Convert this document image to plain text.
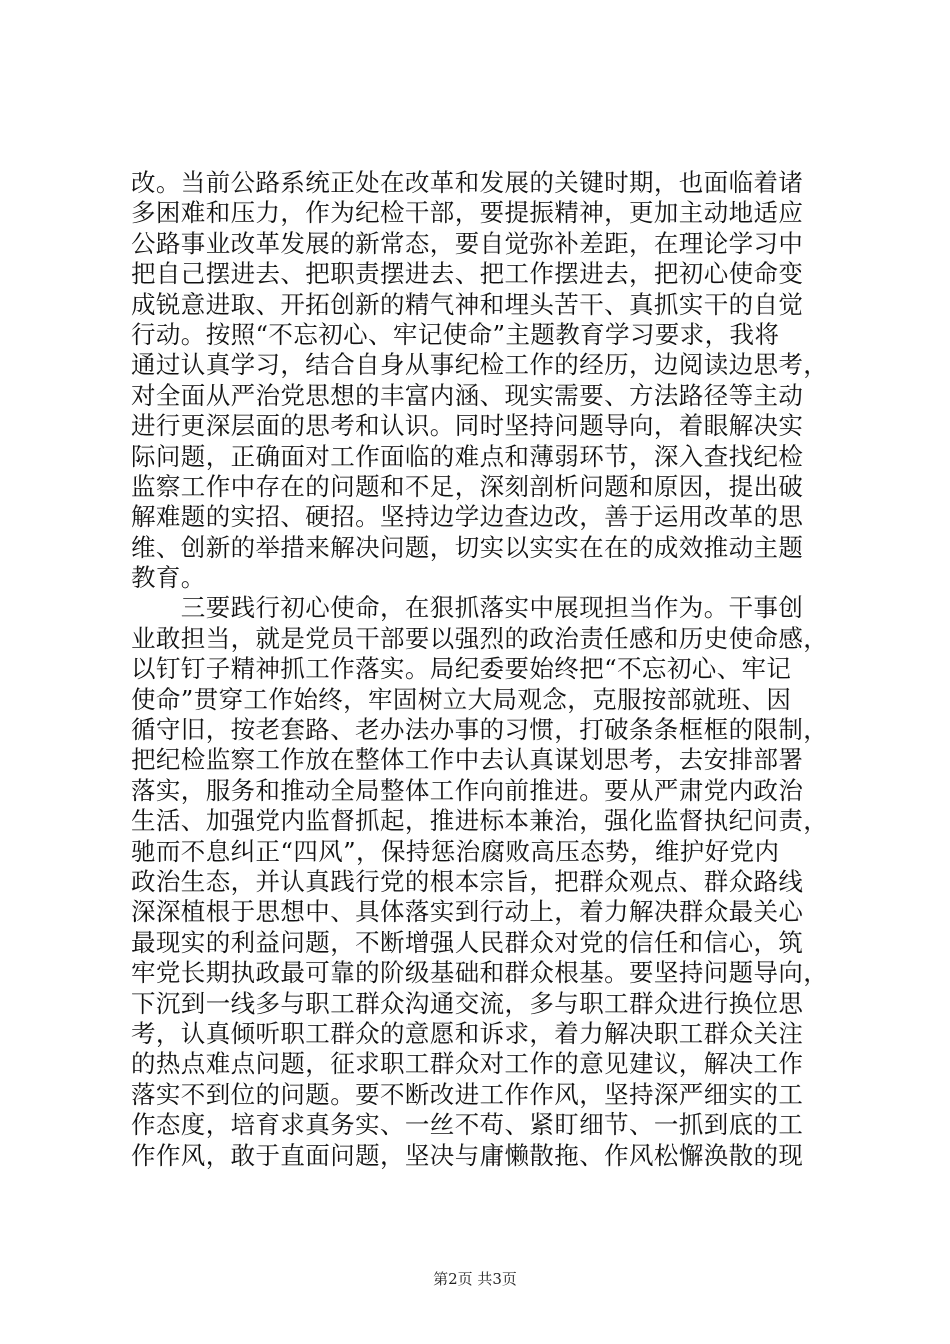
改。当前公路系统正处在改革和发展的关键时期，也面临着诸
多困难和压力，作为纪检干部，要提振精神，更加主动地适应
公路事业改革发展的新常态，要自觉弥补差距，在理论学习中
把自己摆进去、把职责摆进去、把工作摆进去，把初心使命变
成锐意进取、开拓创新的精气神和埋头苦干、真抓实干的自觉
行动。按照“不忘初心、牢记使命”主题教育学习要求，我将
通过认真学习，结合自身从事纪检工作的经历，边阅读边思考，
对全面从严治党思想的丰富内涵、现实需要、方法路径等主动
进行更深层面的思考和认识。同时坚持问题导向，着眼解决实
际问题，正确面对工作面临的难点和薄弱环节，深入查找纪检
监察工作中存在的问题和不足，深刻剖析问题和原因，提出破
解难题的实招、硬招。坚持边学边查边改，善于运用改革的思
维、创新的举措来解决问题，切实以实实在在的成效推动主题
教育。
　　三要践行初心使命，在狠抓落实中展现担当作为。干事创
业敢担当，就是党员干部要以强烈的政治责任感和历史使命感，
以钉钉子精神抓工作落实。局纪委要始终把“不忘初心、牢记
使命”贯穿工作始终，牢固树立大局观念，克服按部就班、因
循守旧，按老套路、老办法办事的习惯，打破条条框框的限制，
把纪检监察工作放在整体工作中去认真谋划思考，去安排部署
落实，服务和推动全局整体工作向前推进。要从严肃党内政治
生活、加强党内监督抓起，推进标本兼治，强化监督执纪问责，
驰而不息纠正“四风”，保持惩治腐败高压态势，维护好党内
政治生态，并认真践行党的根本宗旨，把群众观点、群众路线
深深植根于思想中、具体落实到行动上，着力解决群众最关心
最现实的利益问题，不断增强人民群众对党的信任和信心，筑
牢党长期执政最可靠的阶级基础和群众根基。要坚持问题导向，
下沉到一线多与职工群众沟通交流，多与职工群众进行换位思
考，认真倾听职工群众的意愿和诉求，着力解决职工群众关注
的热点难点问题，征求职工群众对工作的意见建议，解决工作
落实不到位的问题。要不断改进工作作风，坚持深严细实的工
作态度，培育求真务实、一丝不苟、紧盯细节、一抓到底的工
作作风，敢于直面问题，坚决与庸懒散拖、作风松懈涣散的现
第2页 共3页
